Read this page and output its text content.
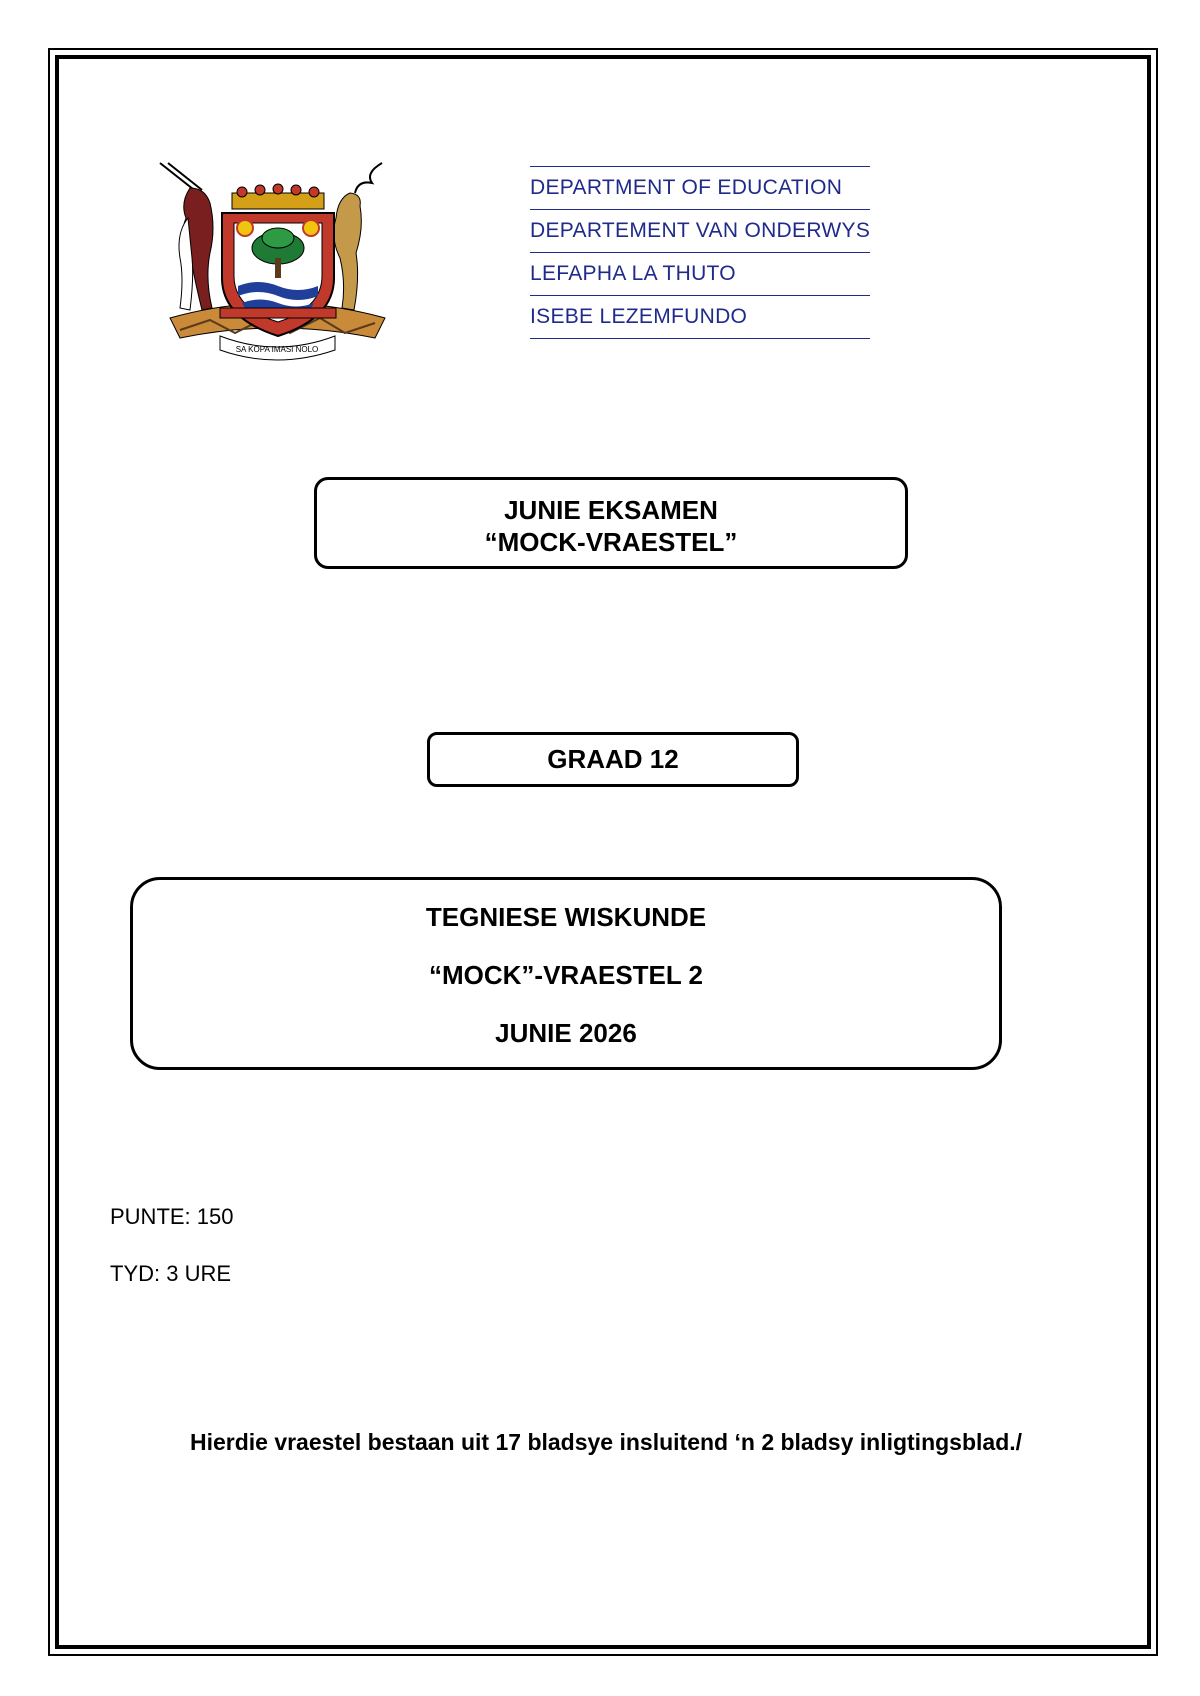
SA KOPA IMASI NOLO
DEPARTMENT OF EDUCATION
DEPARTEMENT VAN ONDERWYS
LEFAPHA LA THUTO
ISEBE LEZEMFUNDO
JUNIE EKSAMEN
“MOCK-VRAESTEL”
GRAAD 12
TEGNIESE WISKUNDE
“MOCK”-VRAESTEL 2
JUNIE 2026
PUNTE: 150
TYD: 3 URE
Hierdie vraestel bestaan uit 17 bladsye insluitend ‘n 2 bladsy inligtingsblad./
